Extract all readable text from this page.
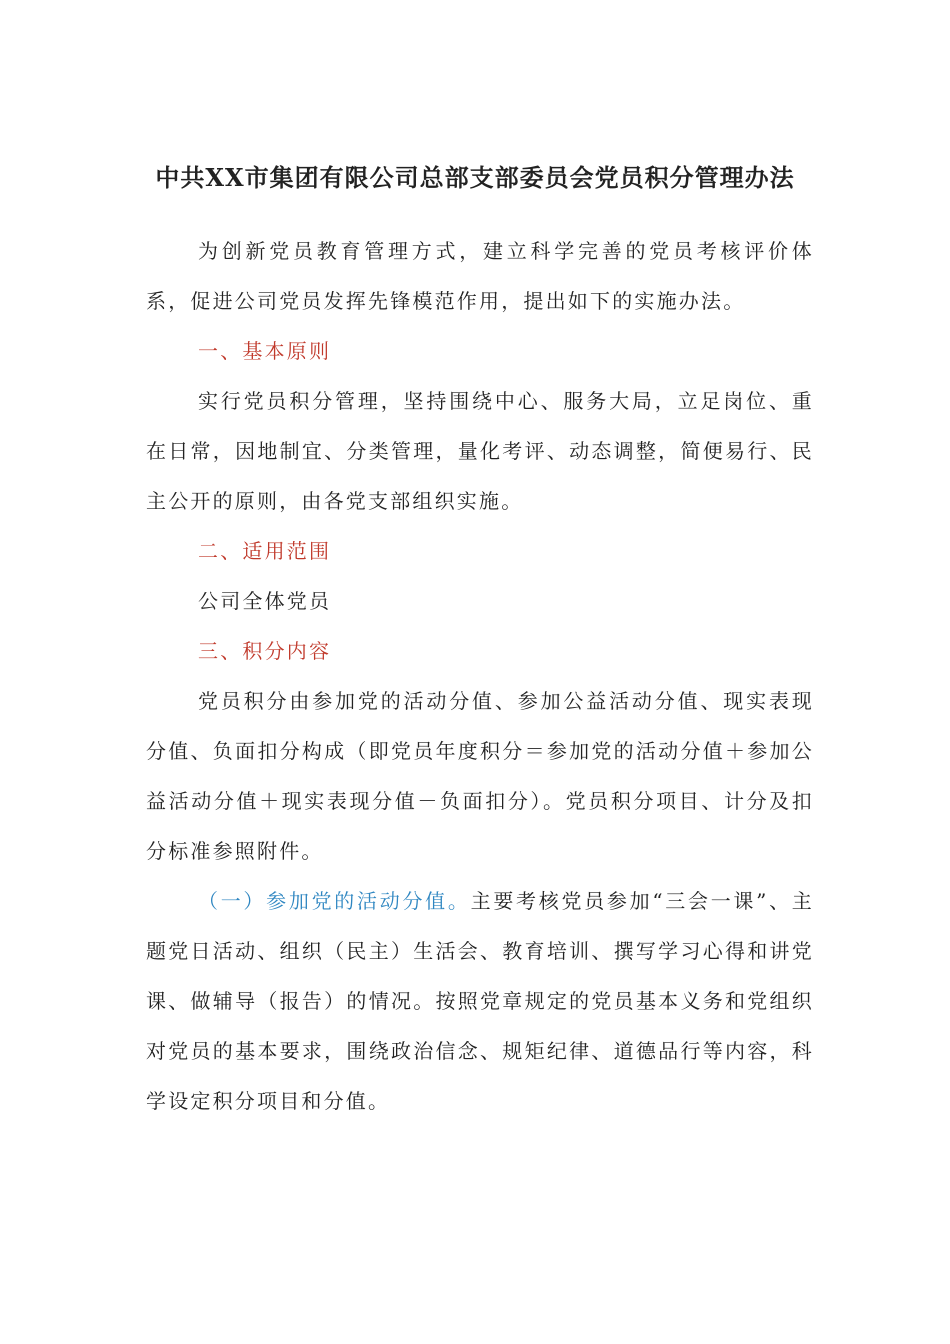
中共XX市集团有限公司总部支部委员会党员积分管理办法

为创新党员教育管理方式，建立科学完善的党员考核评价体系，促进公司党员发挥先锋模范作用，提出如下的实施办法。

一、基本原则

实行党员积分管理，坚持围绕中心、服务大局，立足岗位、重在日常，因地制宜、分类管理，量化考评、动态调整，简便易行、民主公开的原则，由各党支部组织实施。

二、适用范围

公司全体党员

三、积分内容

党员积分由参加党的活动分值、参加公益活动分值、现实表现分值、负面扣分构成（即党员年度积分＝参加党的活动分值＋参加公益活动分值＋现实表现分值－负面扣分）。党员积分项目、计分及扣分标准参照附件。

（一）参加党的活动分值。主要考核党员参加“三会一课”、主题党日活动、组织（民主）生活会、教育培训、撰写学习心得和讲党课、做辅导（报告）的情况。按照党章规定的党员基本义务和党组织对党员的基本要求，围绕政治信念、规矩纪律、道德品行等内容，科学设定积分项目和分值。
